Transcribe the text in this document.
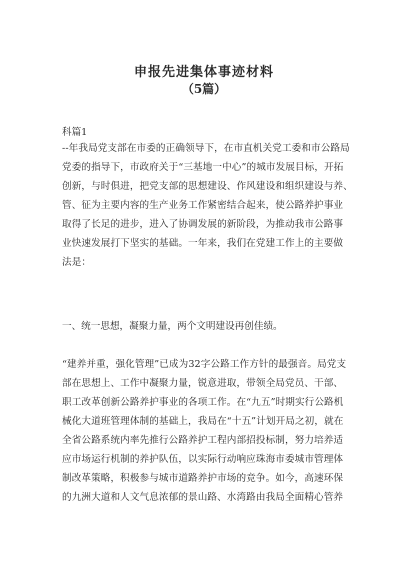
申报先进集体事迹材料
（5篇）
科篇1
--年我局党支部在市委的正确领导下，在市直机关党工委和市公路局
党委的指导下，市政府关于“三基地一中心”的城市发展目标，开拓
创新，与时俱进，把党支部的思想建设、作风建设和组织建设与养、
管、征为主要内容的生产业务工作紧密结合起来，使公路养护事业
取得了长足的进步，进入了协调发展的新阶段，为推动我市公路事
业快速发展打下坚实的基础。一年来，我们在党建工作上的主要做
法是：
一、统一思想，凝聚力量，两个文明建设再创佳绩。
“建养并重，强化管理”已成为32字公路工作方针的最强音。局党支
部在思想上、工作中凝聚力量，锐意进取，带领全局党员、干部、
职工改革创新公路养护事业的各项工作。在“九五”时期实行公路机
械化大道班管理体制的基础上，我局在“十五”计划开局之初，就在
全省公路系统内率先推行公路养护工程内部招投标制，努力培养适
应市场运行机制的养护队伍，以实际行动响应珠海市委城市管理体
制改革策略，积极参与城市道路养护市场的竞争。如今，高速环保
的九洲大道和人文气息浓郁的景山路、水湾路由我局全面精心管养
